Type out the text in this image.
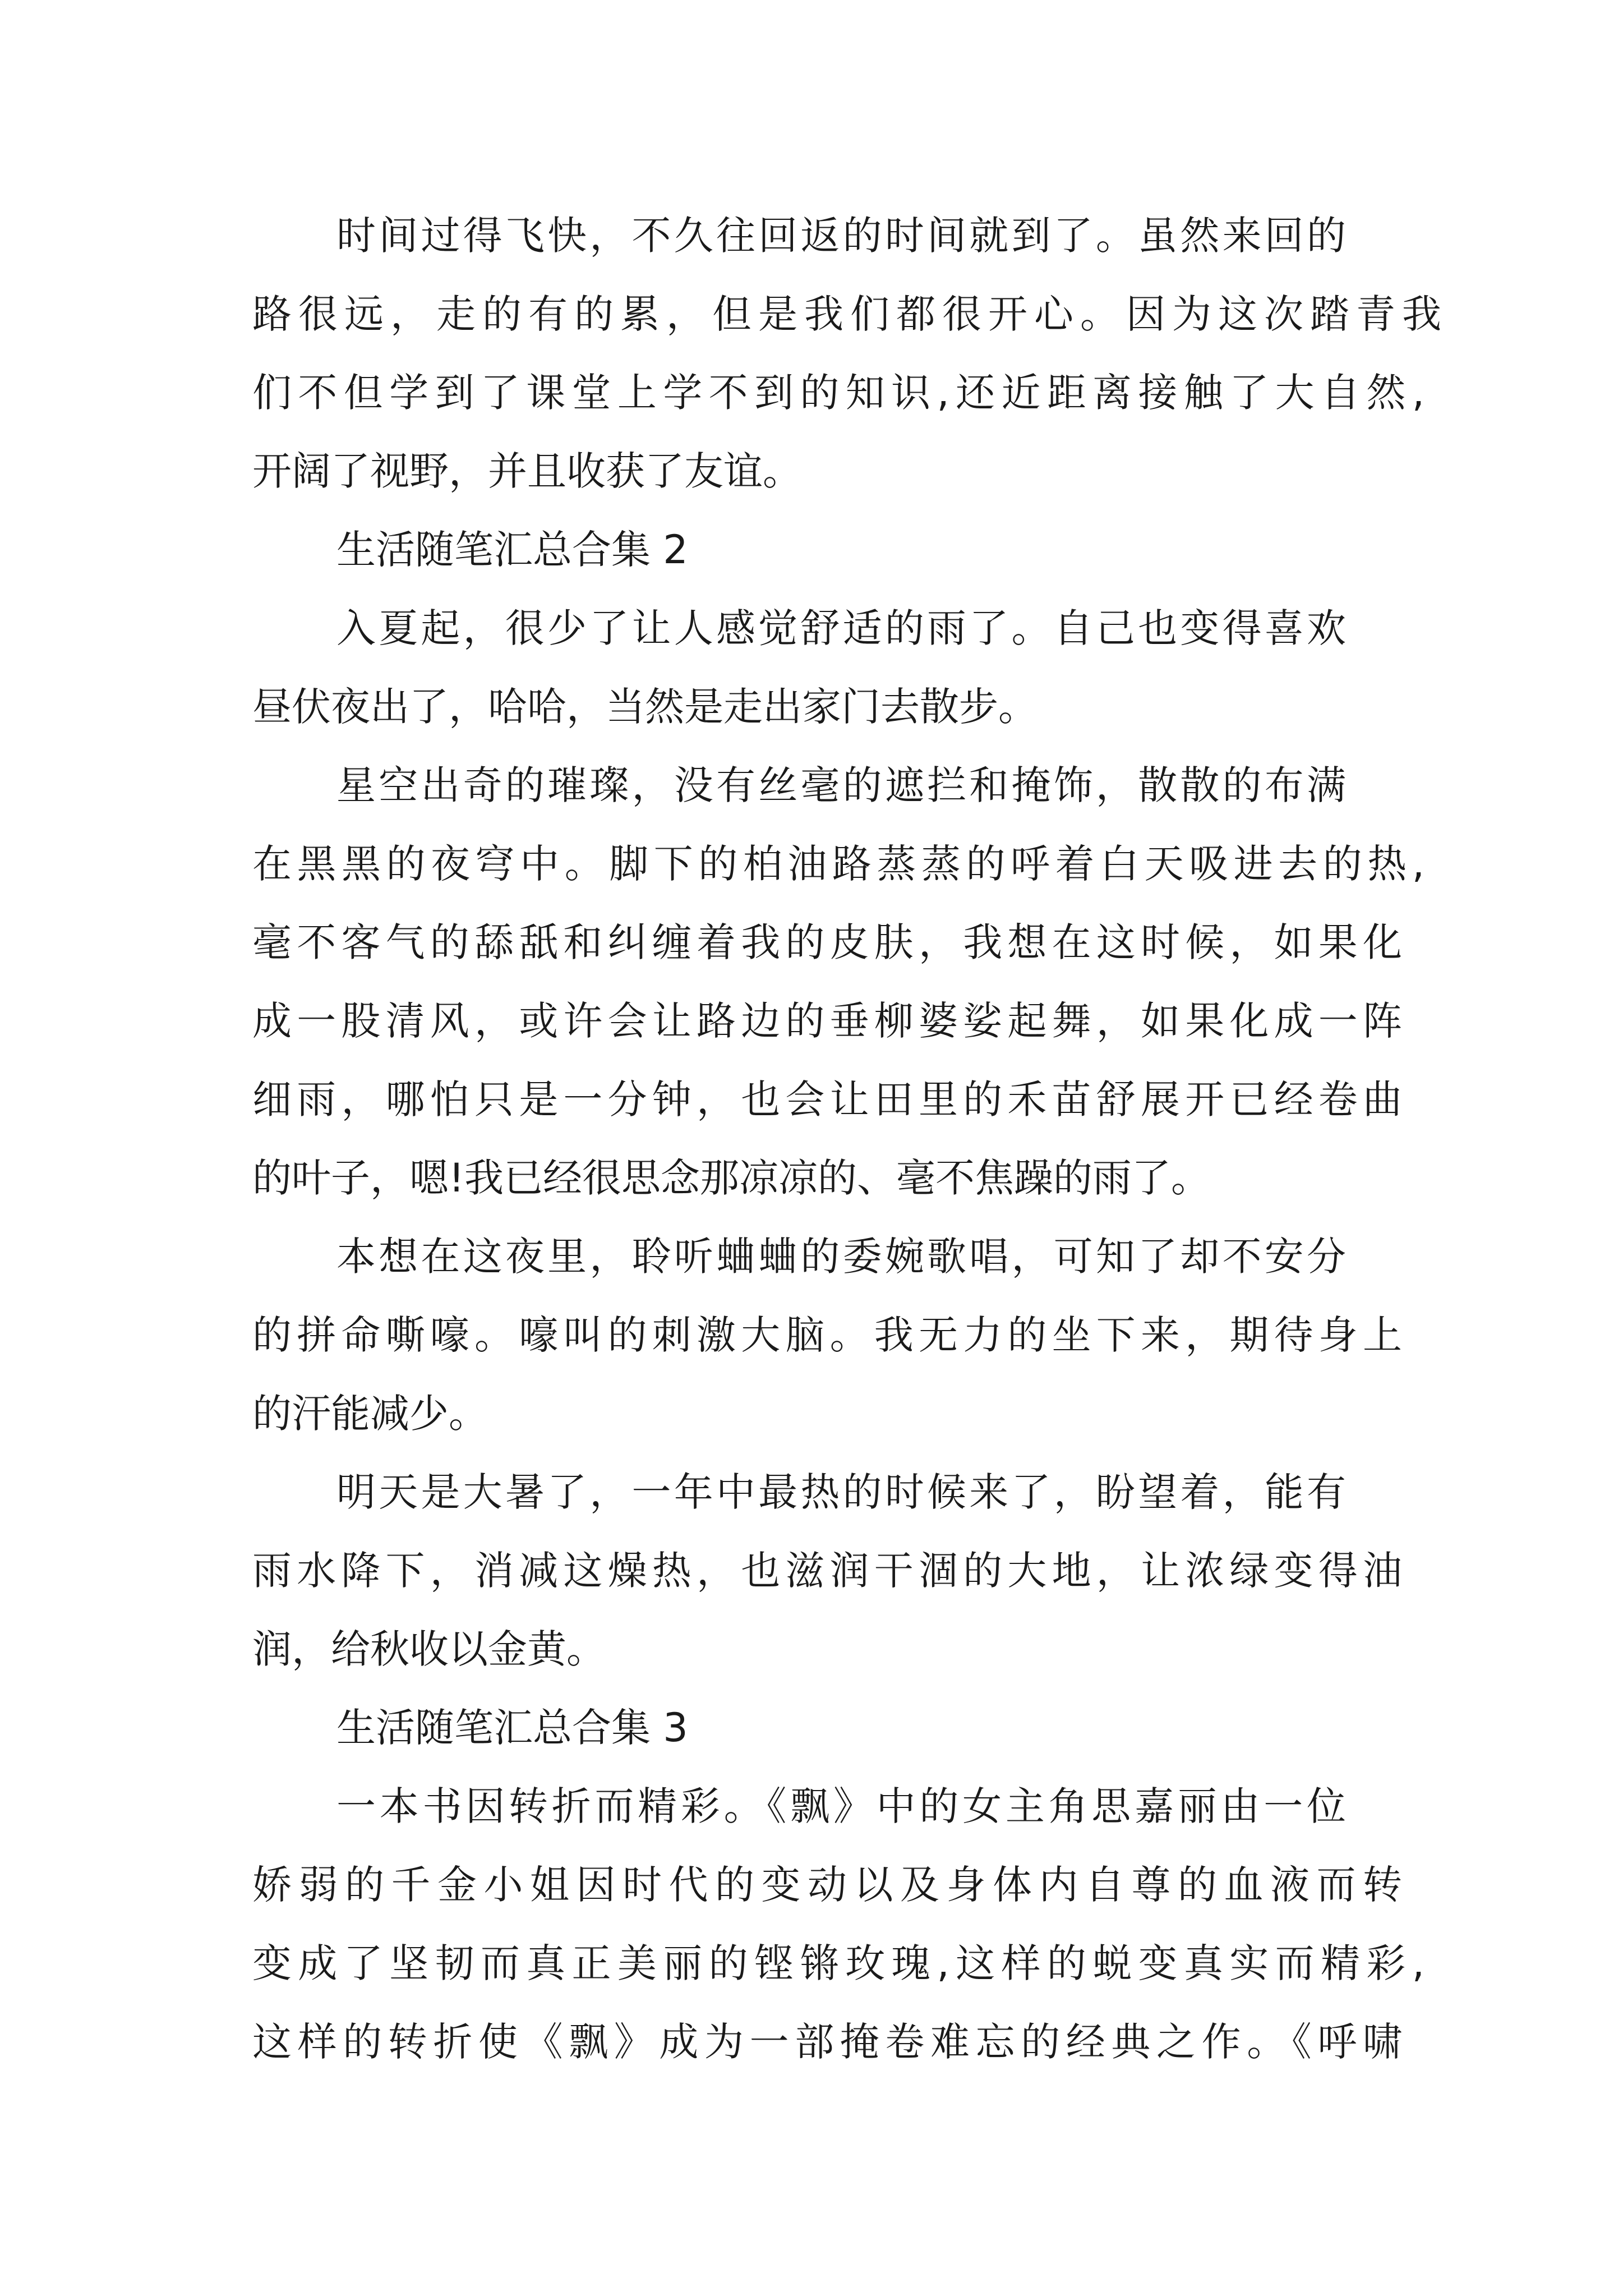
时间过得飞快，不久往回返的时间就到了。虽然来回的
路很远，走的有的累，但是我们都很开心。因为这次踏青我
们不但学到了课堂上学不到的知识,还近距离接触了大自然,
开阔了视野，并且收获了友谊。
生活随笔汇总合集 2
入夏起，很少了让人感觉舒适的雨了。自己也变得喜欢
昼伏夜出了，哈哈，当然是走出家门去散步。
星空出奇的璀璨，没有丝毫的遮拦和掩饰，散散的布满
在黑黑的夜穹中。脚下的柏油路蒸蒸的呼着白天吸进去的热,
毫不客气的舔舐和纠缠着我的皮肤，我想在这时候，如果化
成一股清风，或许会让路边的垂柳婆娑起舞，如果化成一阵
细雨，哪怕只是一分钟，也会让田里的禾苗舒展开已经卷曲
的叶子，嗯!我已经很思念那凉凉的、毫不焦躁的雨了。
本想在这夜里，聆听蛐蛐的委婉歌唱，可知了却不安分
的拼命嘶嚎。嚎叫的刺激大脑。我无力的坐下来，期待身上
的汗能减少。
明天是大暑了，一年中最热的时候来了，盼望着，能有
雨水降下，消减这燥热，也滋润干涸的大地，让浓绿变得油
润，给秋收以金黄。
生活随笔汇总合集 3
一本书因转折而精彩。《飘》中的女主角思嘉丽由一位
娇弱的千金小姐因时代的变动以及身体内自尊的血液而转
变成了坚韧而真正美丽的铿锵玫瑰,这样的蜕变真实而精彩,
这样的转折使《飘》成为一部掩卷难忘的经典之作。《呼啸
